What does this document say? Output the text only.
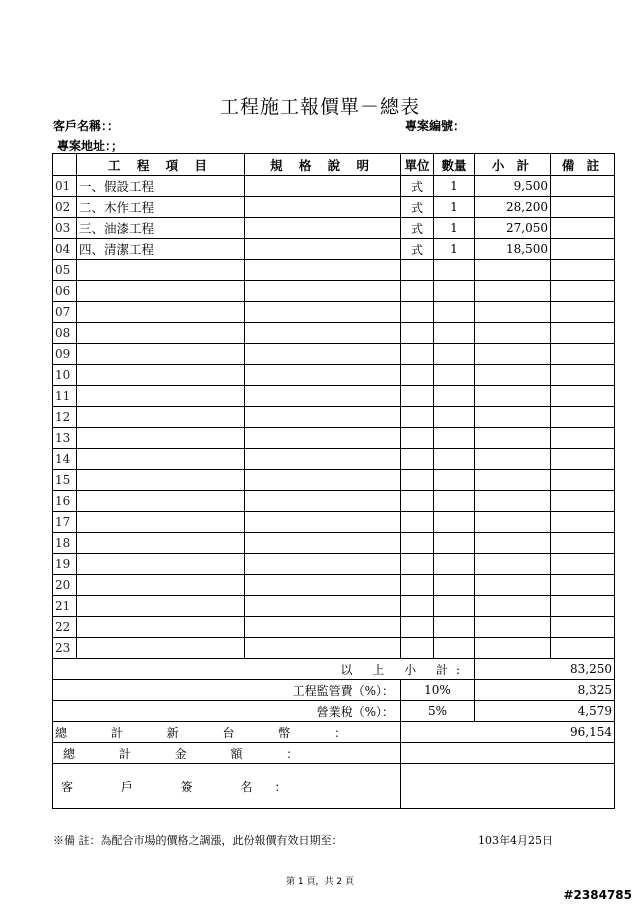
工程施工報價單－總表
客戶名稱：：
專案地址：；
專案編號：
	工 程 項 目	規 格 說 明	單位	數量	小 計	備 註
01	一、假設工程		式	1	9,500	
02	二、木作工程		式	1	28,200	
03	三、油漆工程		式	1	27,050	
04	四、清潔工程		式	1	18,500	
05						
06						
07						
08						
09						
10						
11						
12						
13						
14						
15						
16						
17						
18						
19						
20						
21						
22						
23						
以 上 小 計:					83,250	
工程監管費（%）：			10%		8,325	
營業稅（%）：			5%		4,579	
總 計 新 台 幣 ：			96,154			
總 計 金 額 ：						
客 戶 簽 名：						
※備 註：為配合市場的價格之調漲，此份報價有效日期至：	103年4月25日
第 1 頁，共 2 頁
#2384785
